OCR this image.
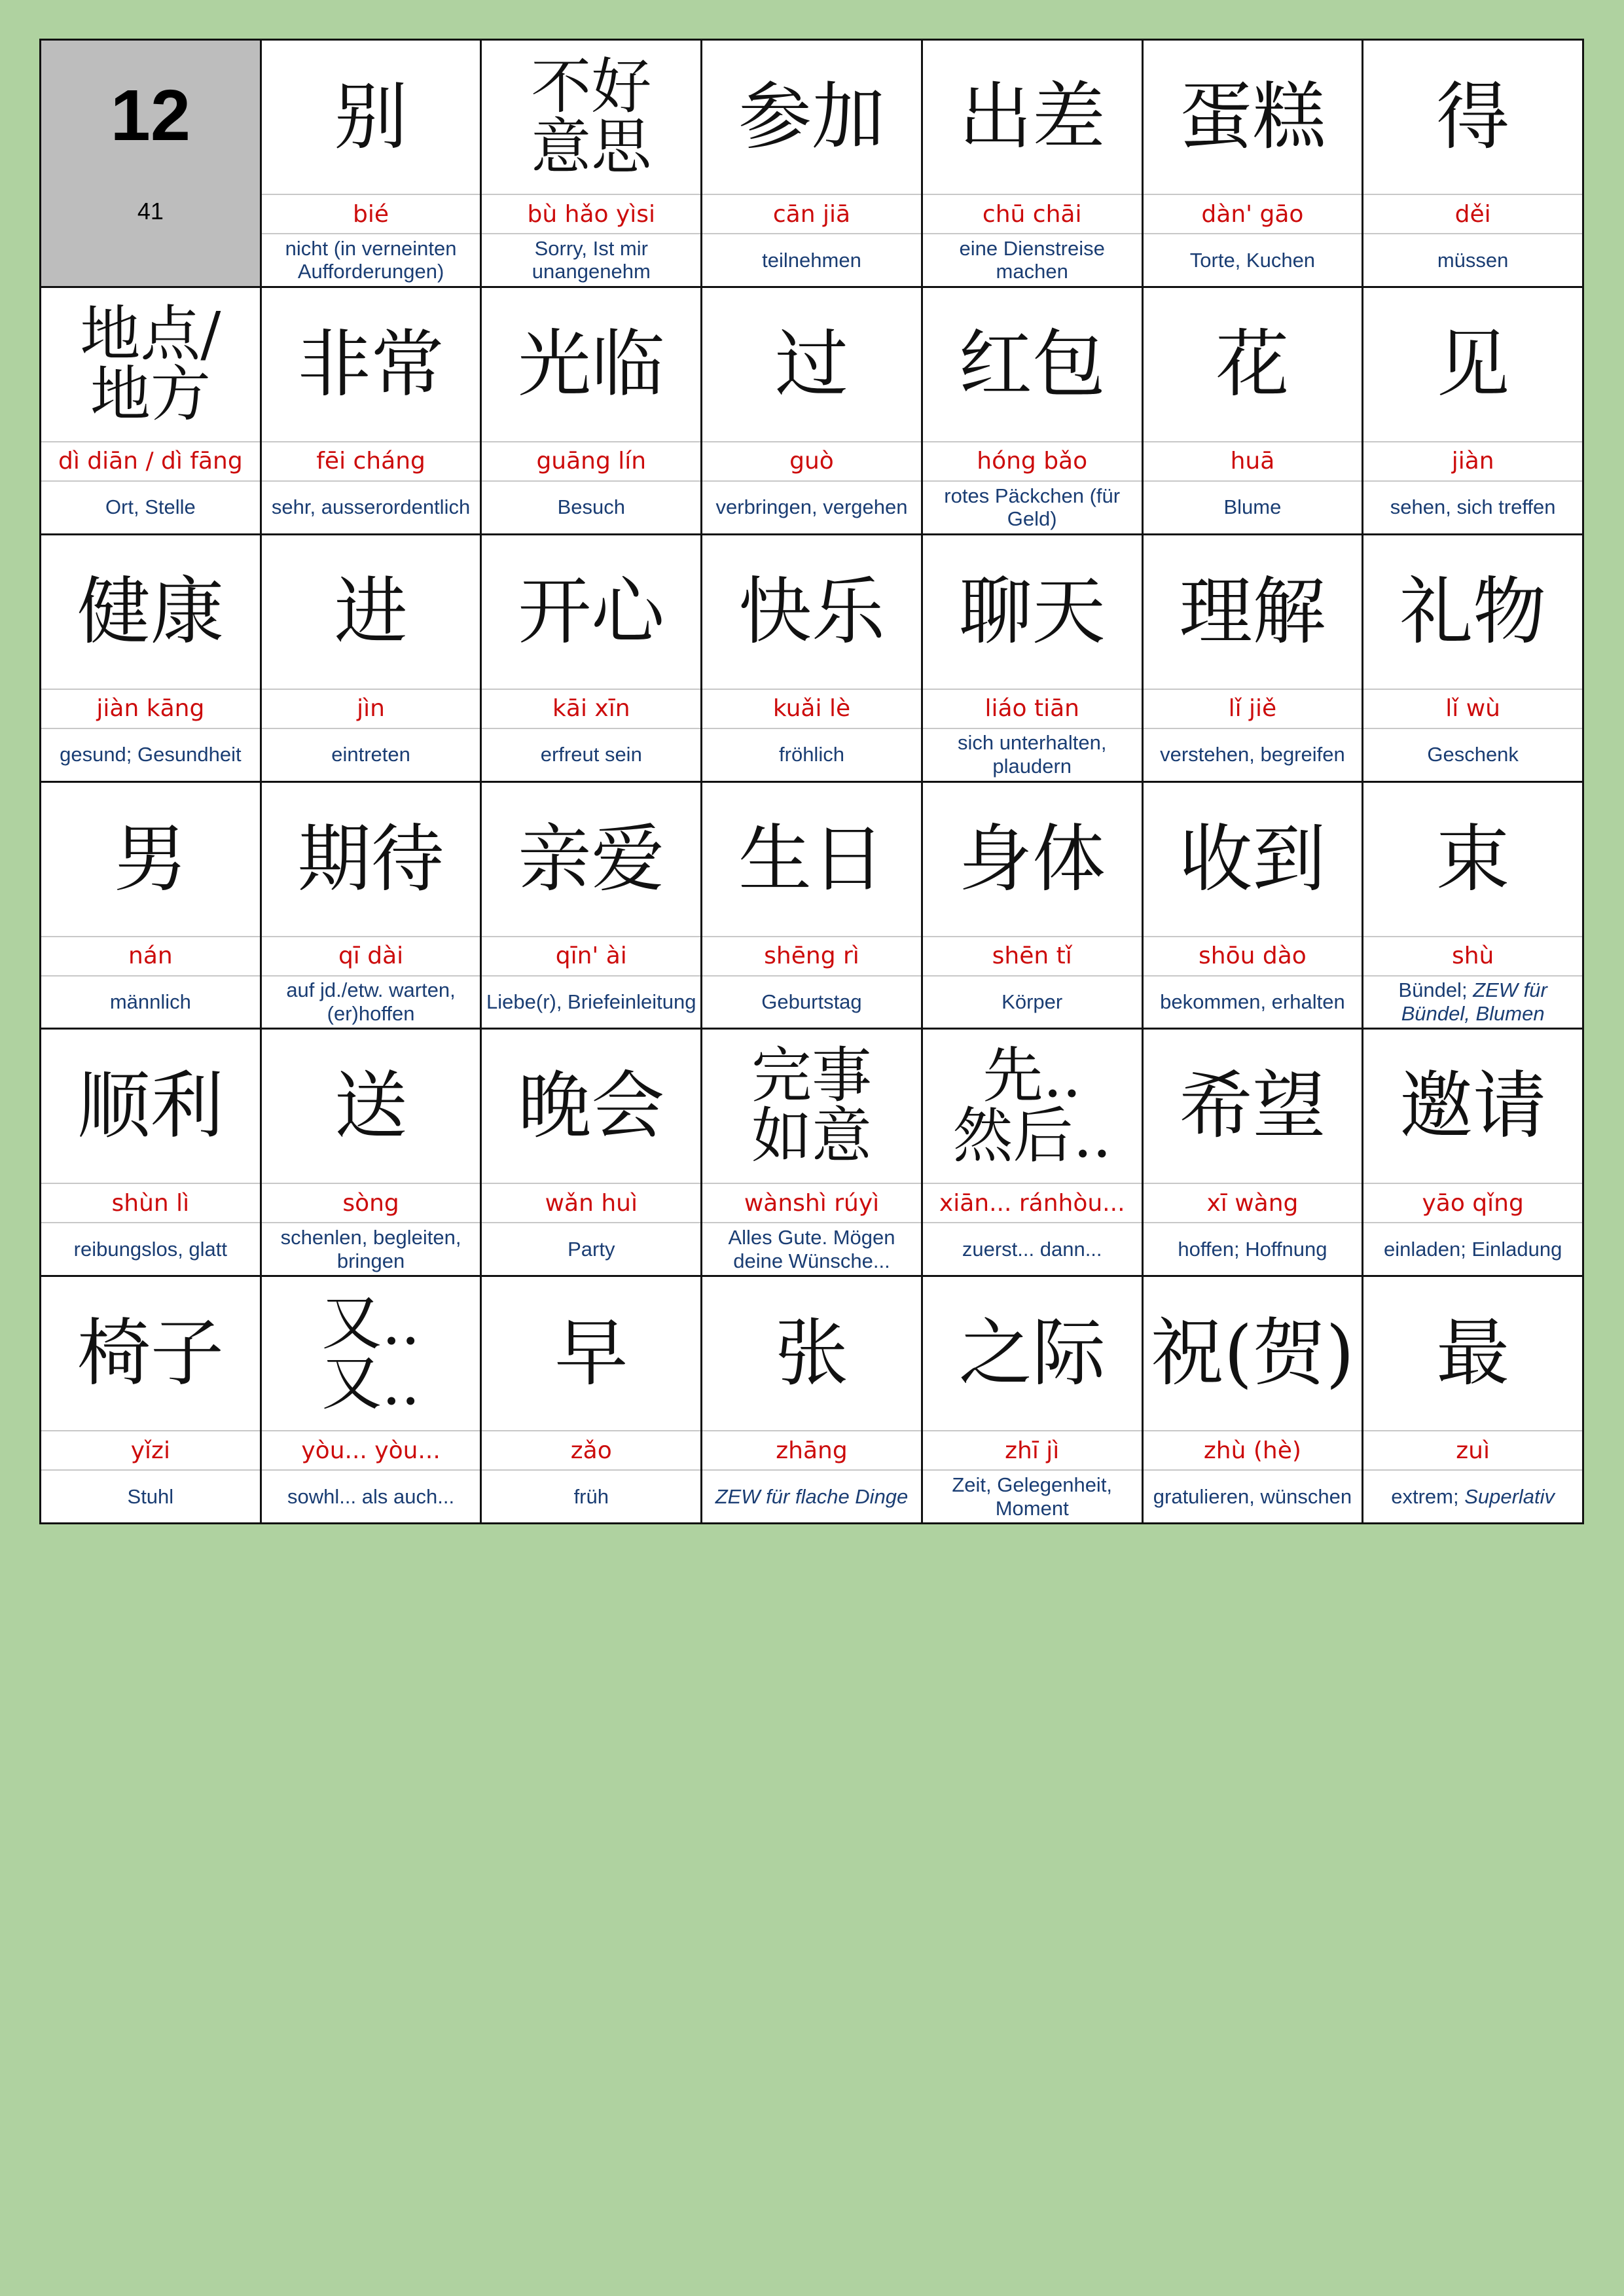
12
41
别
bié
nicht (in verneinten Aufforderungen)
不好
意思
bù hǎo yìsi
Sorry, Ist mir unangenehm
参加
cān jiā
teilnehmen
出差
chū chāi
eine Dienstreise machen
蛋糕
dàn' gāo
Torte, Kuchen
得
děi
müssen
地点/
地方
dì diān / dì fāng
Ort, Stelle
非常
fēi cháng
sehr, ausserordentlich
光临
guāng lín
Besuch
过
guò
verbringen, vergehen
红包
hóng bǎo
rotes Päckchen (für Geld)
花
huā
Blume
见
jiàn
sehen, sich treffen
健康
jiàn kāng
gesund; Gesundheit
进
jìn
eintreten
开心
kāi xīn
erfreut sein
快乐
kuǎi lè
fröhlich
聊天
liáo tiān
sich unterhalten, plaudern
理解
lǐ jiě
verstehen, begreifen
礼物
lǐ wù
Geschenk
男
nán
männlich
期待
qī dài
auf jd./etw. warten, (er)hoffen
亲爱
qīn' ài
Liebe(r), Briefeinleitung
生日
shēng rì
Geburtstag
身体
shēn tǐ
Körper
收到
shōu dào
bekommen, erhalten
束
shù
Bündel; ZEW für Bündel, Blumen
顺利
shùn lì
reibungslos, glatt
送
sòng
schenlen, begleiten, bringen
晚会
wǎn huì
Party
完事
如意
wànshì rúyì
Alles Gute. Mögen deine Wünsche...
先..
然后..
xiān... ránhòu...
zuerst... dann...
希望
xī wàng
hoffen; Hoffnung
邀请
yāo qǐng
einladen; Einladung
椅子
yǐzi
Stuhl
又..
又..
yòu... yòu...
sowhl... als auch...
早
zǎo
früh
张
zhāng
ZEW für flache Dinge
之际
zhī jì
Zeit, Gelegenheit, Moment
祝(贺)
zhù (hè)
gratulieren, wünschen
最
zuì
extrem; Superlativ
